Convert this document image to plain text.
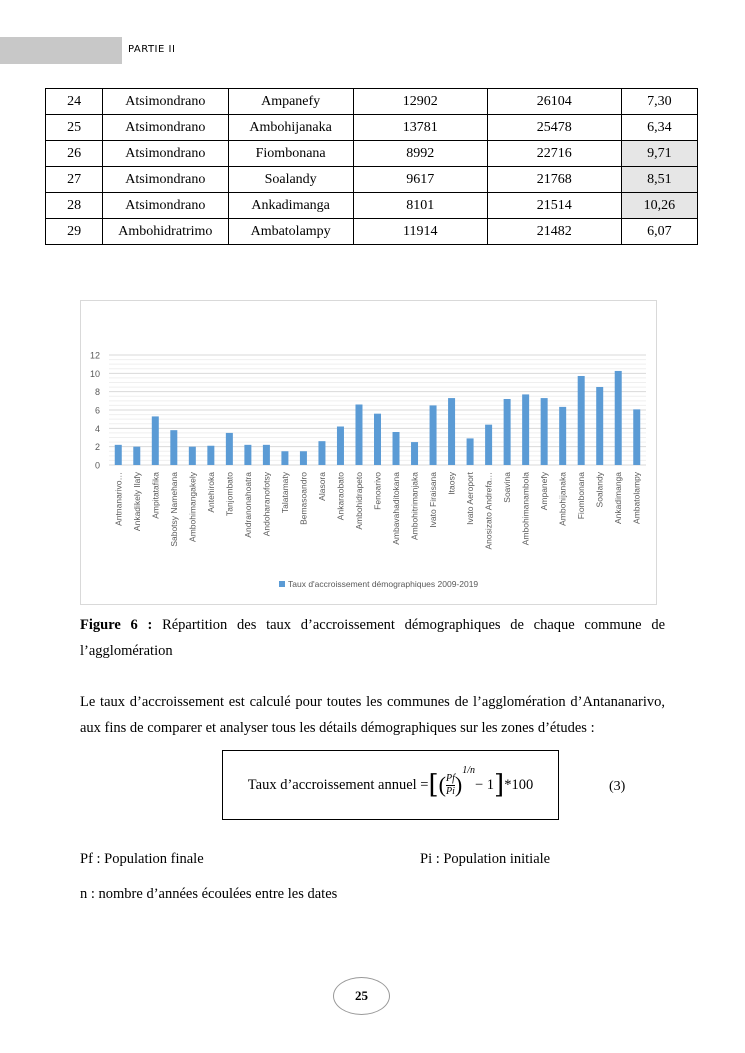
PARTIE II
24	Atsimondrano	Ampanefy	12902	26104	7,30
25	Atsimondrano	Ambohijanaka	13781	25478	6,34
26	Atsimondrano	Fiombonana	8992	22716	9,71
27	Atsimondrano	Soalandy	9617	21768	8,51
28	Atsimondrano	Ankadimanga	8101	21514	10,26
29	Ambohidratrimo	Ambatolampy	11914	21482	6,07
0
2
4
6
8
10
12
Antnanarivo… Ankadikely Ilafy Ampitatafika Sabotsy Namehana Ambohimangakely Antehiroka Tanjombato Andranonahoatra Andoharanofotsy Talatamaty Bemasoandro Alasora Ankaraobato Ambohidrapeto Fenoarivo Ambavahaditokana Ambohitrimanjaka Ivato Firaisana Itaosy Ivato Aeroport Anosizato Andrefa… Soavina Ambohimanambola Ampanefy Ambohijanaka Fiombonana Soalandy Ankadimanga Ambatolampy
Taux d'accroissement démographiques 2009-2019
Figure 6 : Répartition des taux d’accroissement démographiques de chaque commune de l’agglomération
Le taux d’accroissement est calculé pour toutes les communes de l’agglomération d’Antananarivo, aux fins de comparer et analyser tous les détails démographiques sur les zones d’études :
Taux d’accroissement annuel = [ ( $\frac{Pf}{Pi}$ )
$^{1/n}$
− 1 ] *100	(3)
Pf : Population finale	Pi : Population initiale
n : nombre d’années écoulées entre les dates
25
